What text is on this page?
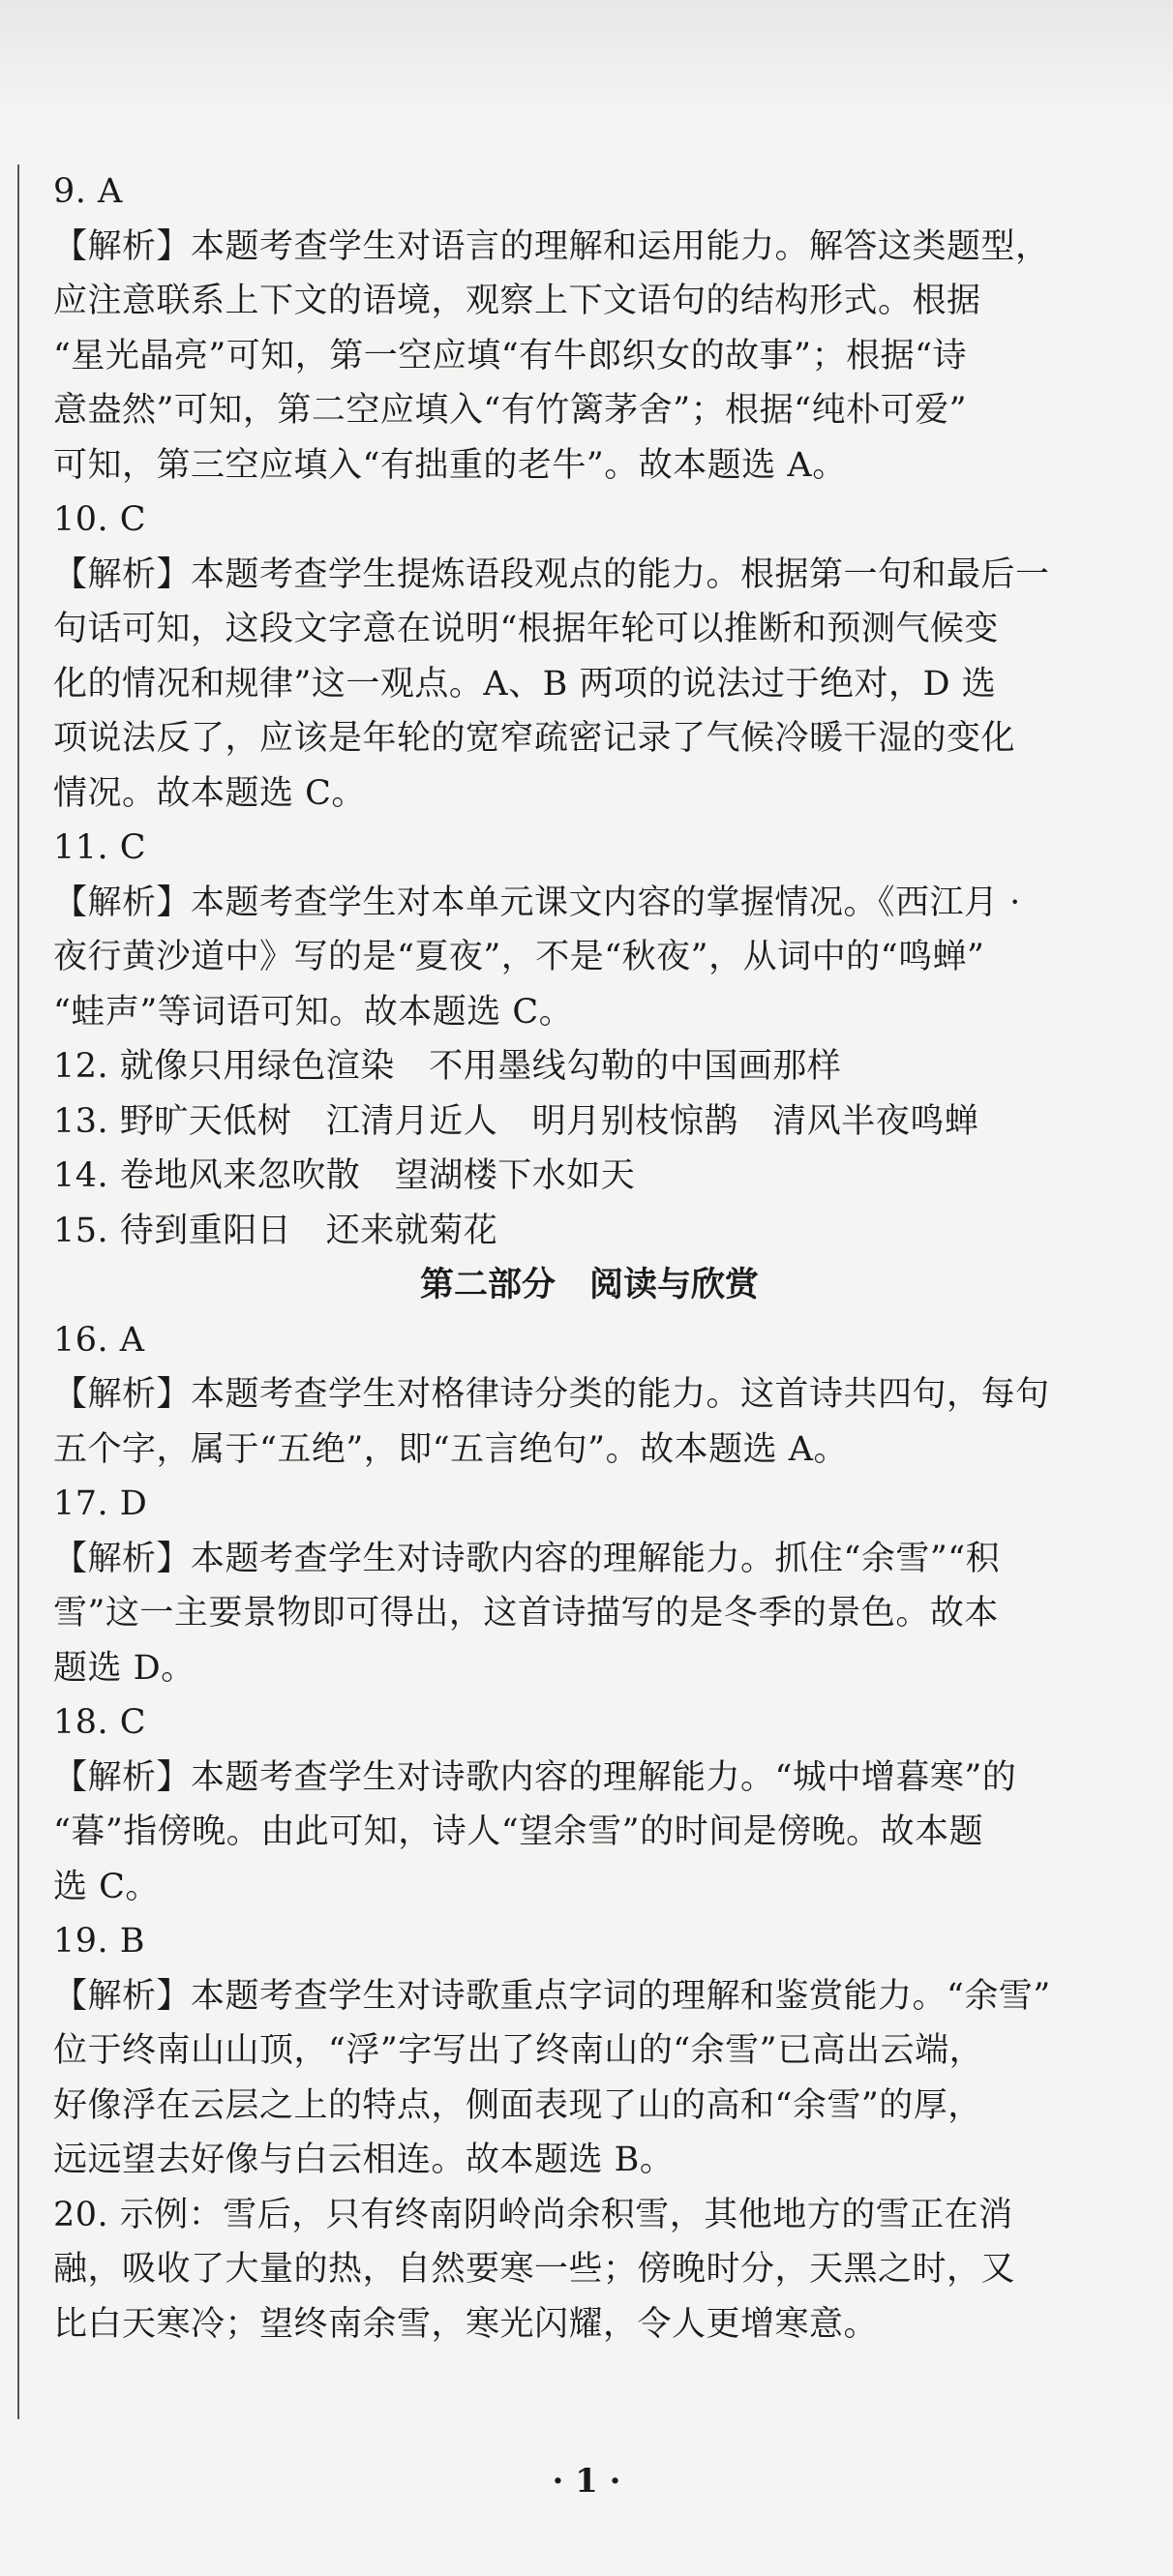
9. A
【解析】本题考查学生对语言的理解和运用能力。解答这类题型，
应注意联系上下文的语境，观察上下文语句的结构形式。根据
“星光晶亮”可知，第一空应填“有牛郎织女的故事”；根据“诗
意盎然”可知，第二空应填入“有竹篱茅舍”；根据“纯朴可爱”
可知，第三空应填入“有拙重的老牛”。故本题选 A。
10. C
【解析】本题考查学生提炼语段观点的能力。根据第一句和最后一
句话可知，这段文字意在说明“根据年轮可以推断和预测气候变
化的情况和规律”这一观点。A、B 两项的说法过于绝对，D 选
项说法反了，应该是年轮的宽窄疏密记录了气候冷暖干湿的变化
情况。故本题选 C。
11. C
【解析】本题考查学生对本单元课文内容的掌握情况。《西江月 ·
夜行黄沙道中》写的是“夏夜”，不是“秋夜”，从词中的“鸣蝉”
“蛙声”等词语可知。故本题选 C。
12. 就像只用绿色渲染　不用墨线勾勒的中国画那样
13. 野旷天低树　江清月近人　明月别枝惊鹊　清风半夜鸣蝉
14. 卷地风来忽吹散　望湖楼下水如天
15. 待到重阳日　还来就菊花
第二部分　阅读与欣赏
16. A
【解析】本题考查学生对格律诗分类的能力。这首诗共四句，每句
五个字，属于“五绝”，即“五言绝句”。故本题选 A。
17. D
【解析】本题考查学生对诗歌内容的理解能力。抓住“余雪”“积
雪”这一主要景物即可得出，这首诗描写的是冬季的景色。故本
题选 D。
18. C
【解析】本题考查学生对诗歌内容的理解能力。“城中增暮寒”的
“暮”指傍晚。由此可知，诗人“望余雪”的时间是傍晚。故本题
选 C。
19. B
【解析】本题考查学生对诗歌重点字词的理解和鉴赏能力。“余雪”
位于终南山山顶，“浮”字写出了终南山的“余雪”已高出云端，
好像浮在云层之上的特点，侧面表现了山的高和“余雪”的厚，
远远望去好像与白云相连。故本题选 B。
20. 示例：雪后，只有终南阴岭尚余积雪，其他地方的雪正在消
融，吸收了大量的热，自然要寒一些；傍晚时分，天黑之时，又
比白天寒冷；望终南余雪，寒光闪耀，令人更增寒意。
· 1 ·
